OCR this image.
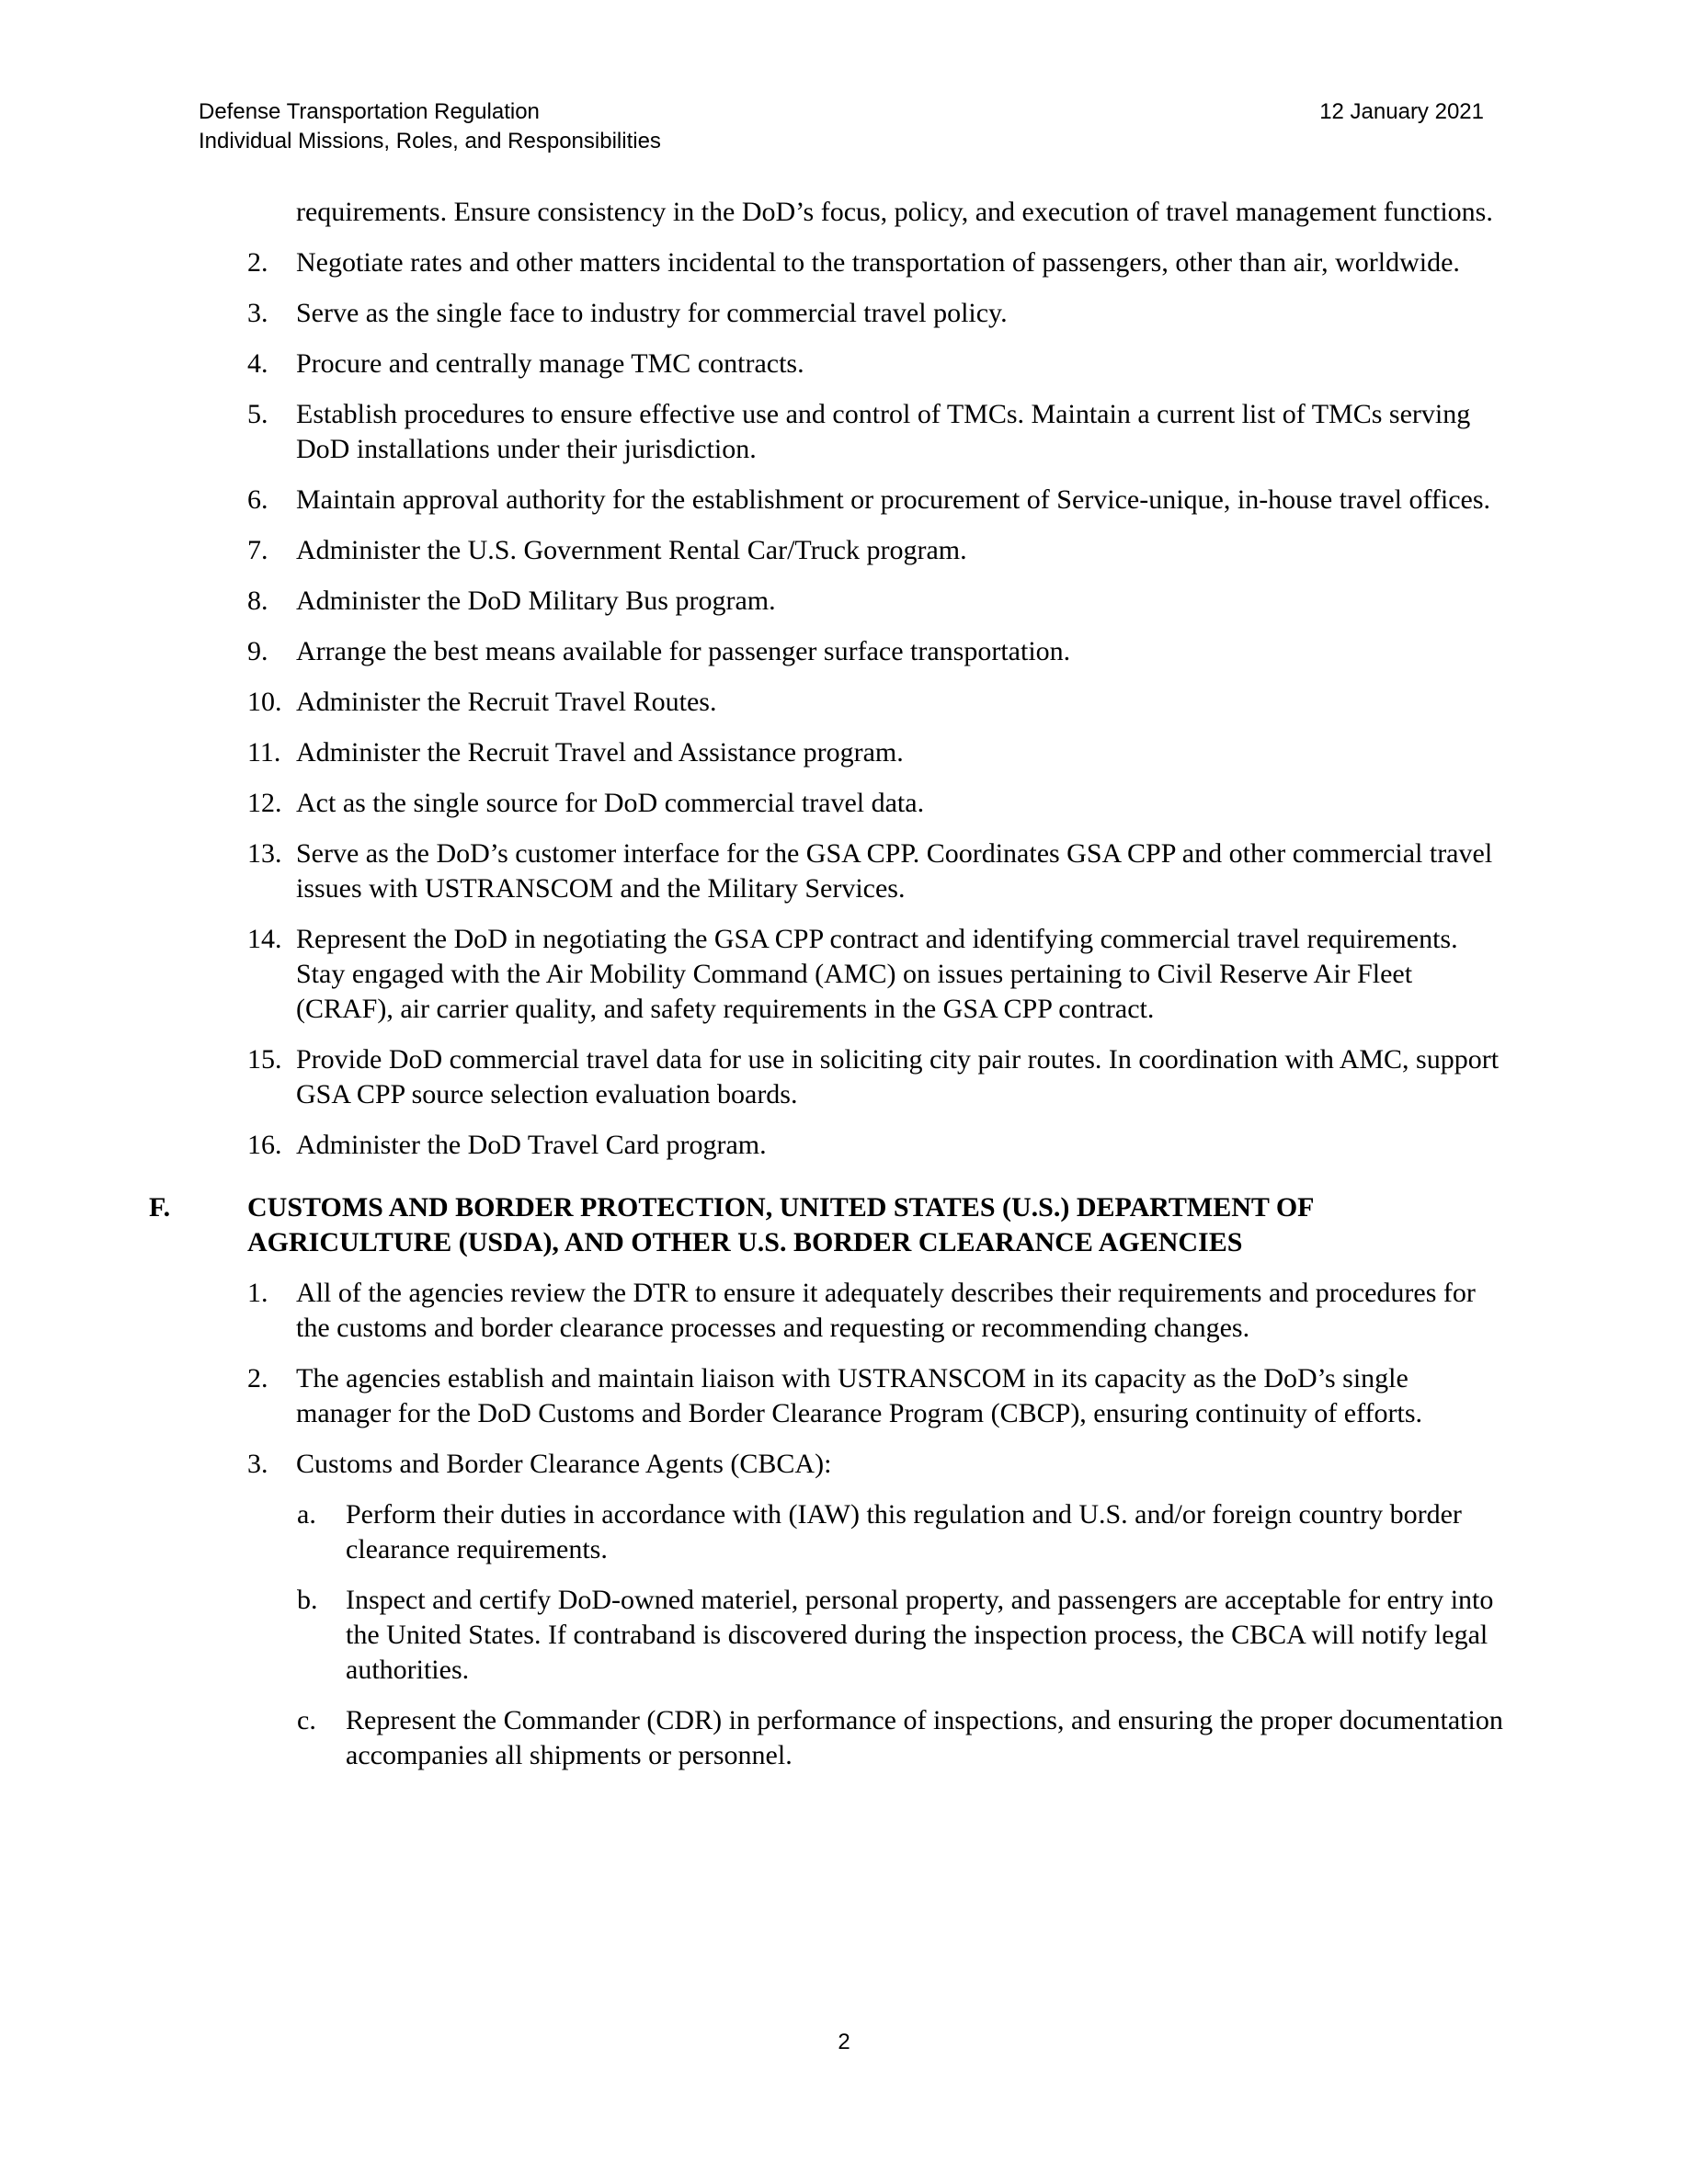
Defense Transportation Regulation
Individual Missions, Roles, and Responsibilities
12 January 2021
requirements. Ensure consistency in the DoD’s focus, policy, and execution of travel management functions.
2.	Negotiate rates and other matters incidental to the transportation of passengers, other than air, worldwide.
3.	Serve as the single face to industry for commercial travel policy.
4.	Procure and centrally manage TMC contracts.
5.	Establish procedures to ensure effective use and control of TMCs. Maintain a current list of TMCs serving DoD installations under their jurisdiction.
6.	Maintain approval authority for the establishment or procurement of Service-unique, in-house travel offices.
7.	Administer the U.S. Government Rental Car/Truck program.
8.	Administer the DoD Military Bus program.
9.	Arrange the best means available for passenger surface transportation.
10. Administer the Recruit Travel Routes.
11. Administer the Recruit Travel and Assistance program.
12. Act as the single source for DoD commercial travel data.
13. Serve as the DoD’s customer interface for the GSA CPP. Coordinates GSA CPP and other commercial travel issues with USTRANSCOM and the Military Services.
14. Represent the DoD in negotiating the GSA CPP contract and identifying commercial travel requirements. Stay engaged with the Air Mobility Command (AMC) on issues pertaining to Civil Reserve Air Fleet (CRAF), air carrier quality, and safety requirements in the GSA CPP contract.
15. Provide DoD commercial travel data for use in soliciting city pair routes. In coordination with AMC, support GSA CPP source selection evaluation boards.
16. Administer the DoD Travel Card program.
F.	CUSTOMS AND BORDER PROTECTION, UNITED STATES (U.S.) DEPARTMENT OF AGRICULTURE (USDA), AND OTHER U.S. BORDER CLEARANCE AGENCIES
1.	All of the agencies review the DTR to ensure it adequately describes their requirements and procedures for the customs and border clearance processes and requesting or recommending changes.
2.	The agencies establish and maintain liaison with USTRANSCOM in its capacity as the DoD’s single manager for the DoD Customs and Border Clearance Program (CBCP), ensuring continuity of efforts.
3.	Customs and Border Clearance Agents (CBCA):
a. Perform their duties in accordance with (IAW) this regulation and U.S. and/or foreign country border clearance requirements.
b. Inspect and certify DoD-owned materiel, personal property, and passengers are acceptable for entry into the United States. If contraband is discovered during the inspection process, the CBCA will notify legal authorities.
c. Represent the Commander (CDR) in performance of inspections, and ensuring the proper documentation accompanies all shipments or personnel.
2
